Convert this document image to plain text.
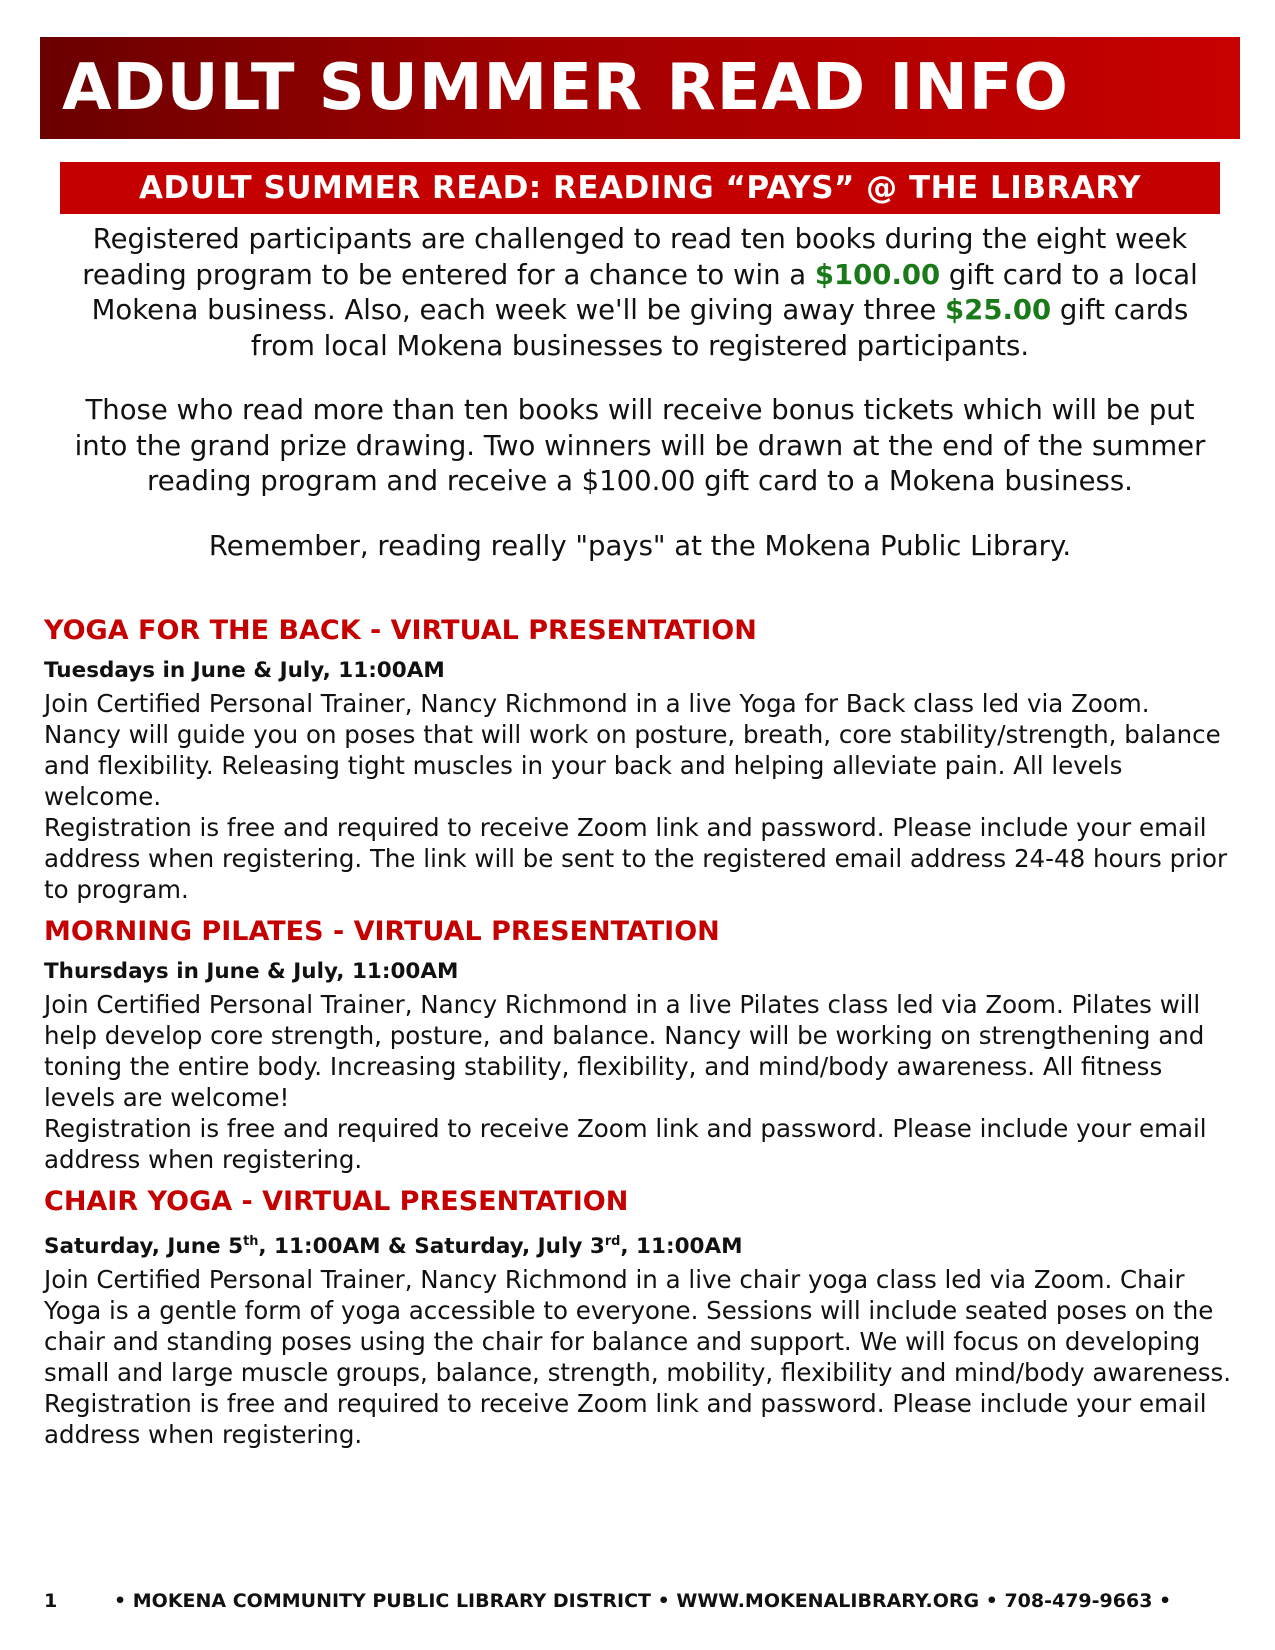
ADULT SUMMER READ INFO
ADULT SUMMER READ: READING “PAYS” @ THE LIBRARY

Registered participants are challenged to read ten books during the eight week reading program to be entered for a chance to win a $100.00 gift card to a local Mokena business. Also, each week we'll be giving away three $25.00 gift cards from local Mokena businesses to registered participants.

Those who read more than ten books will receive bonus tickets which will be put into the grand prize drawing. Two winners will be drawn at the end of the summer reading program and receive a $100.00 gift card to a Mokena business.

Remember, reading really "pays" at the Mokena Public Library.

YOGA FOR THE BACK - VIRTUAL PRESENTATION
Tuesdays in June & July, 11:00AM

Join Certified Personal Trainer, Nancy Richmond in a live Yoga for Back class led via Zoom. Nancy will guide you on poses that will work on posture, breath, core stability/strength, balance and flexibility. Releasing tight muscles in your back and helping alleviate pain. All levels welcome.

Registration is free and required to receive Zoom link and password. Please include your email address when registering. The link will be sent to the registered email address 24-48 hours prior to program.

MORNING PILATES - VIRTUAL PRESENTATION
Thursdays in June & July, 11:00AM

Join Certified Personal Trainer, Nancy Richmond in a live Pilates class led via Zoom. Pilates will help develop core strength, posture, and balance. Nancy will be working on strengthening and toning the entire body. Increasing stability, flexibility, and mind/body awareness. All fitness levels are welcome!

Registration is free and required to receive Zoom link and password. Please include your email address when registering.

CHAIR YOGA - VIRTUAL PRESENTATION
Saturday, June 5th, 11:00AM & Saturday, July 3rd, 11:00AM

Join Certified Personal Trainer, Nancy Richmond in a live chair yoga class led via Zoom. Chair Yoga is a gentle form of yoga accessible to everyone. Sessions will include seated poses on the chair and standing poses using the chair for balance and support. We will focus on developing small and large muscle groups, balance, strength, mobility, flexibility and mind/body awareness.

Registration is free and required to receive Zoom link and password. Please include your email address when registering.

1	• MOKENA COMMUNITY PUBLIC LIBRARY DISTRICT • WWW.MOKENALIBRARY.ORG • 708-479-9663 •
